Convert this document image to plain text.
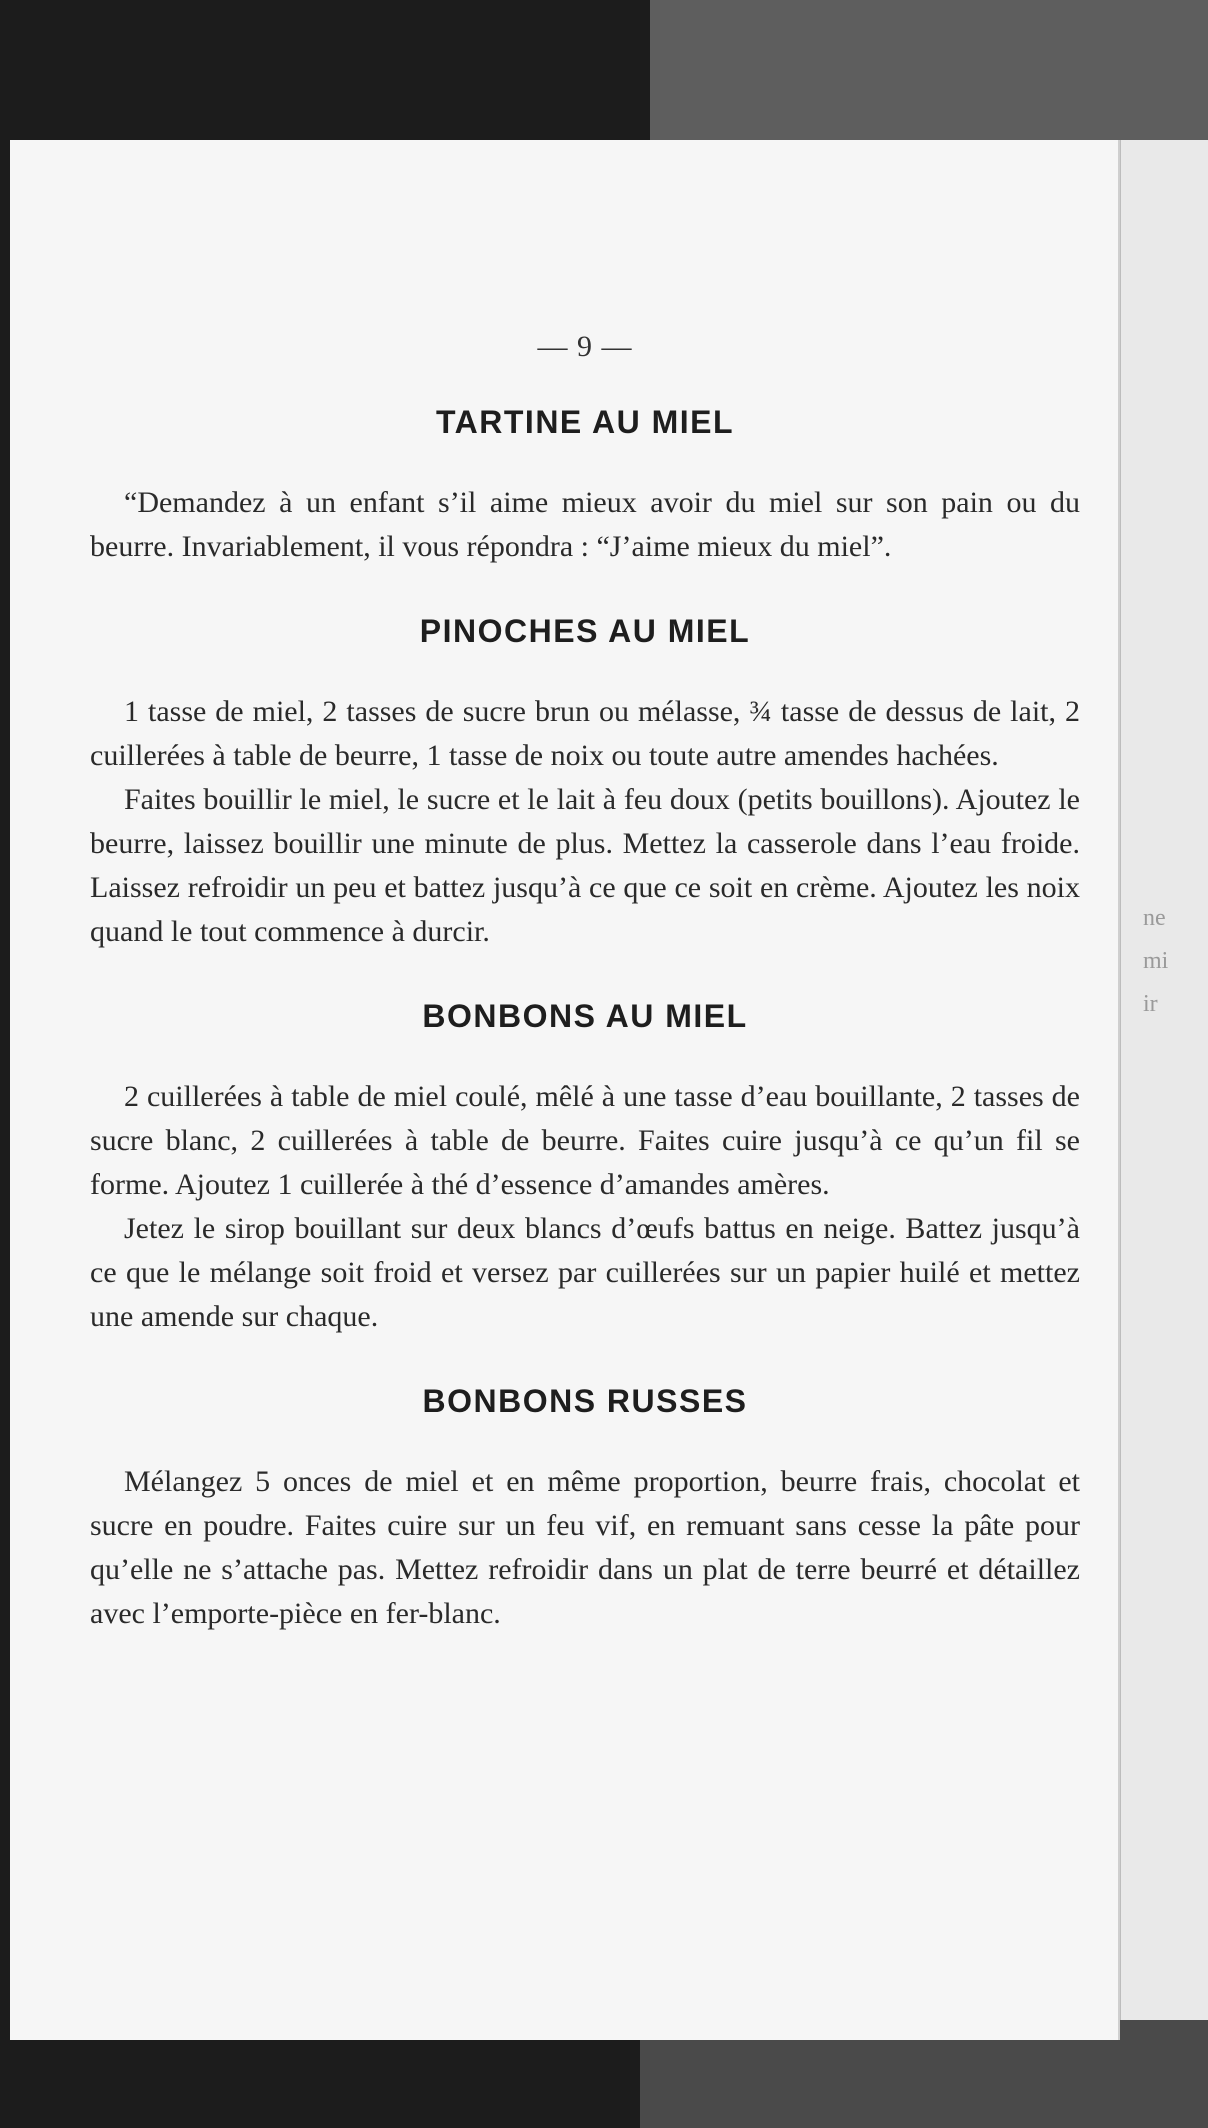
ne
mi
ir
— 9 —
TARTINE AU MIEL

“Demandez à un enfant s’il aime mieux avoir du miel sur son pain ou du beurre. Invariablement, il vous répondra : “J’aime mieux du miel”.

PINOCHES AU MIEL

1 tasse de miel, 2 tasses de sucre brun ou mélasse, ¾ tasse de dessus de lait, 2 cuillerées à table de beurre, 1 tasse de noix ou toute autre amendes hachées.

Faites bouillir le miel, le sucre et le lait à feu doux (petits bouillons). Ajoutez le beurre, laissez bouillir une minute de plus. Mettez la casserole dans l’eau froide. Laissez refroidir un peu et battez jusqu’à ce que ce soit en crème. Ajoutez les noix quand le tout commence à durcir.

BONBONS AU MIEL

2 cuillerées à table de miel coulé, mêlé à une tasse d’eau bouillante, 2 tasses de sucre blanc, 2 cuillerées à table de beurre. Faites cuire jusqu’à ce qu’un fil se forme. Ajoutez 1 cuillerée à thé d’essence d’amandes amères.

Jetez le sirop bouillant sur deux blancs d’œufs battus en neige. Battez jusqu’à ce que le mélange soit froid et versez par cuillerées sur un papier huilé et mettez une amende sur chaque.

BONBONS RUSSES

Mélangez 5 onces de miel et en même proportion, beurre frais, chocolat et sucre en poudre. Faites cuire sur un feu vif, en remuant sans cesse la pâte pour qu’elle ne s’attache pas. Mettez refroidir dans un plat de terre beurré et détaillez avec l’emporte-pièce en fer-blanc.
